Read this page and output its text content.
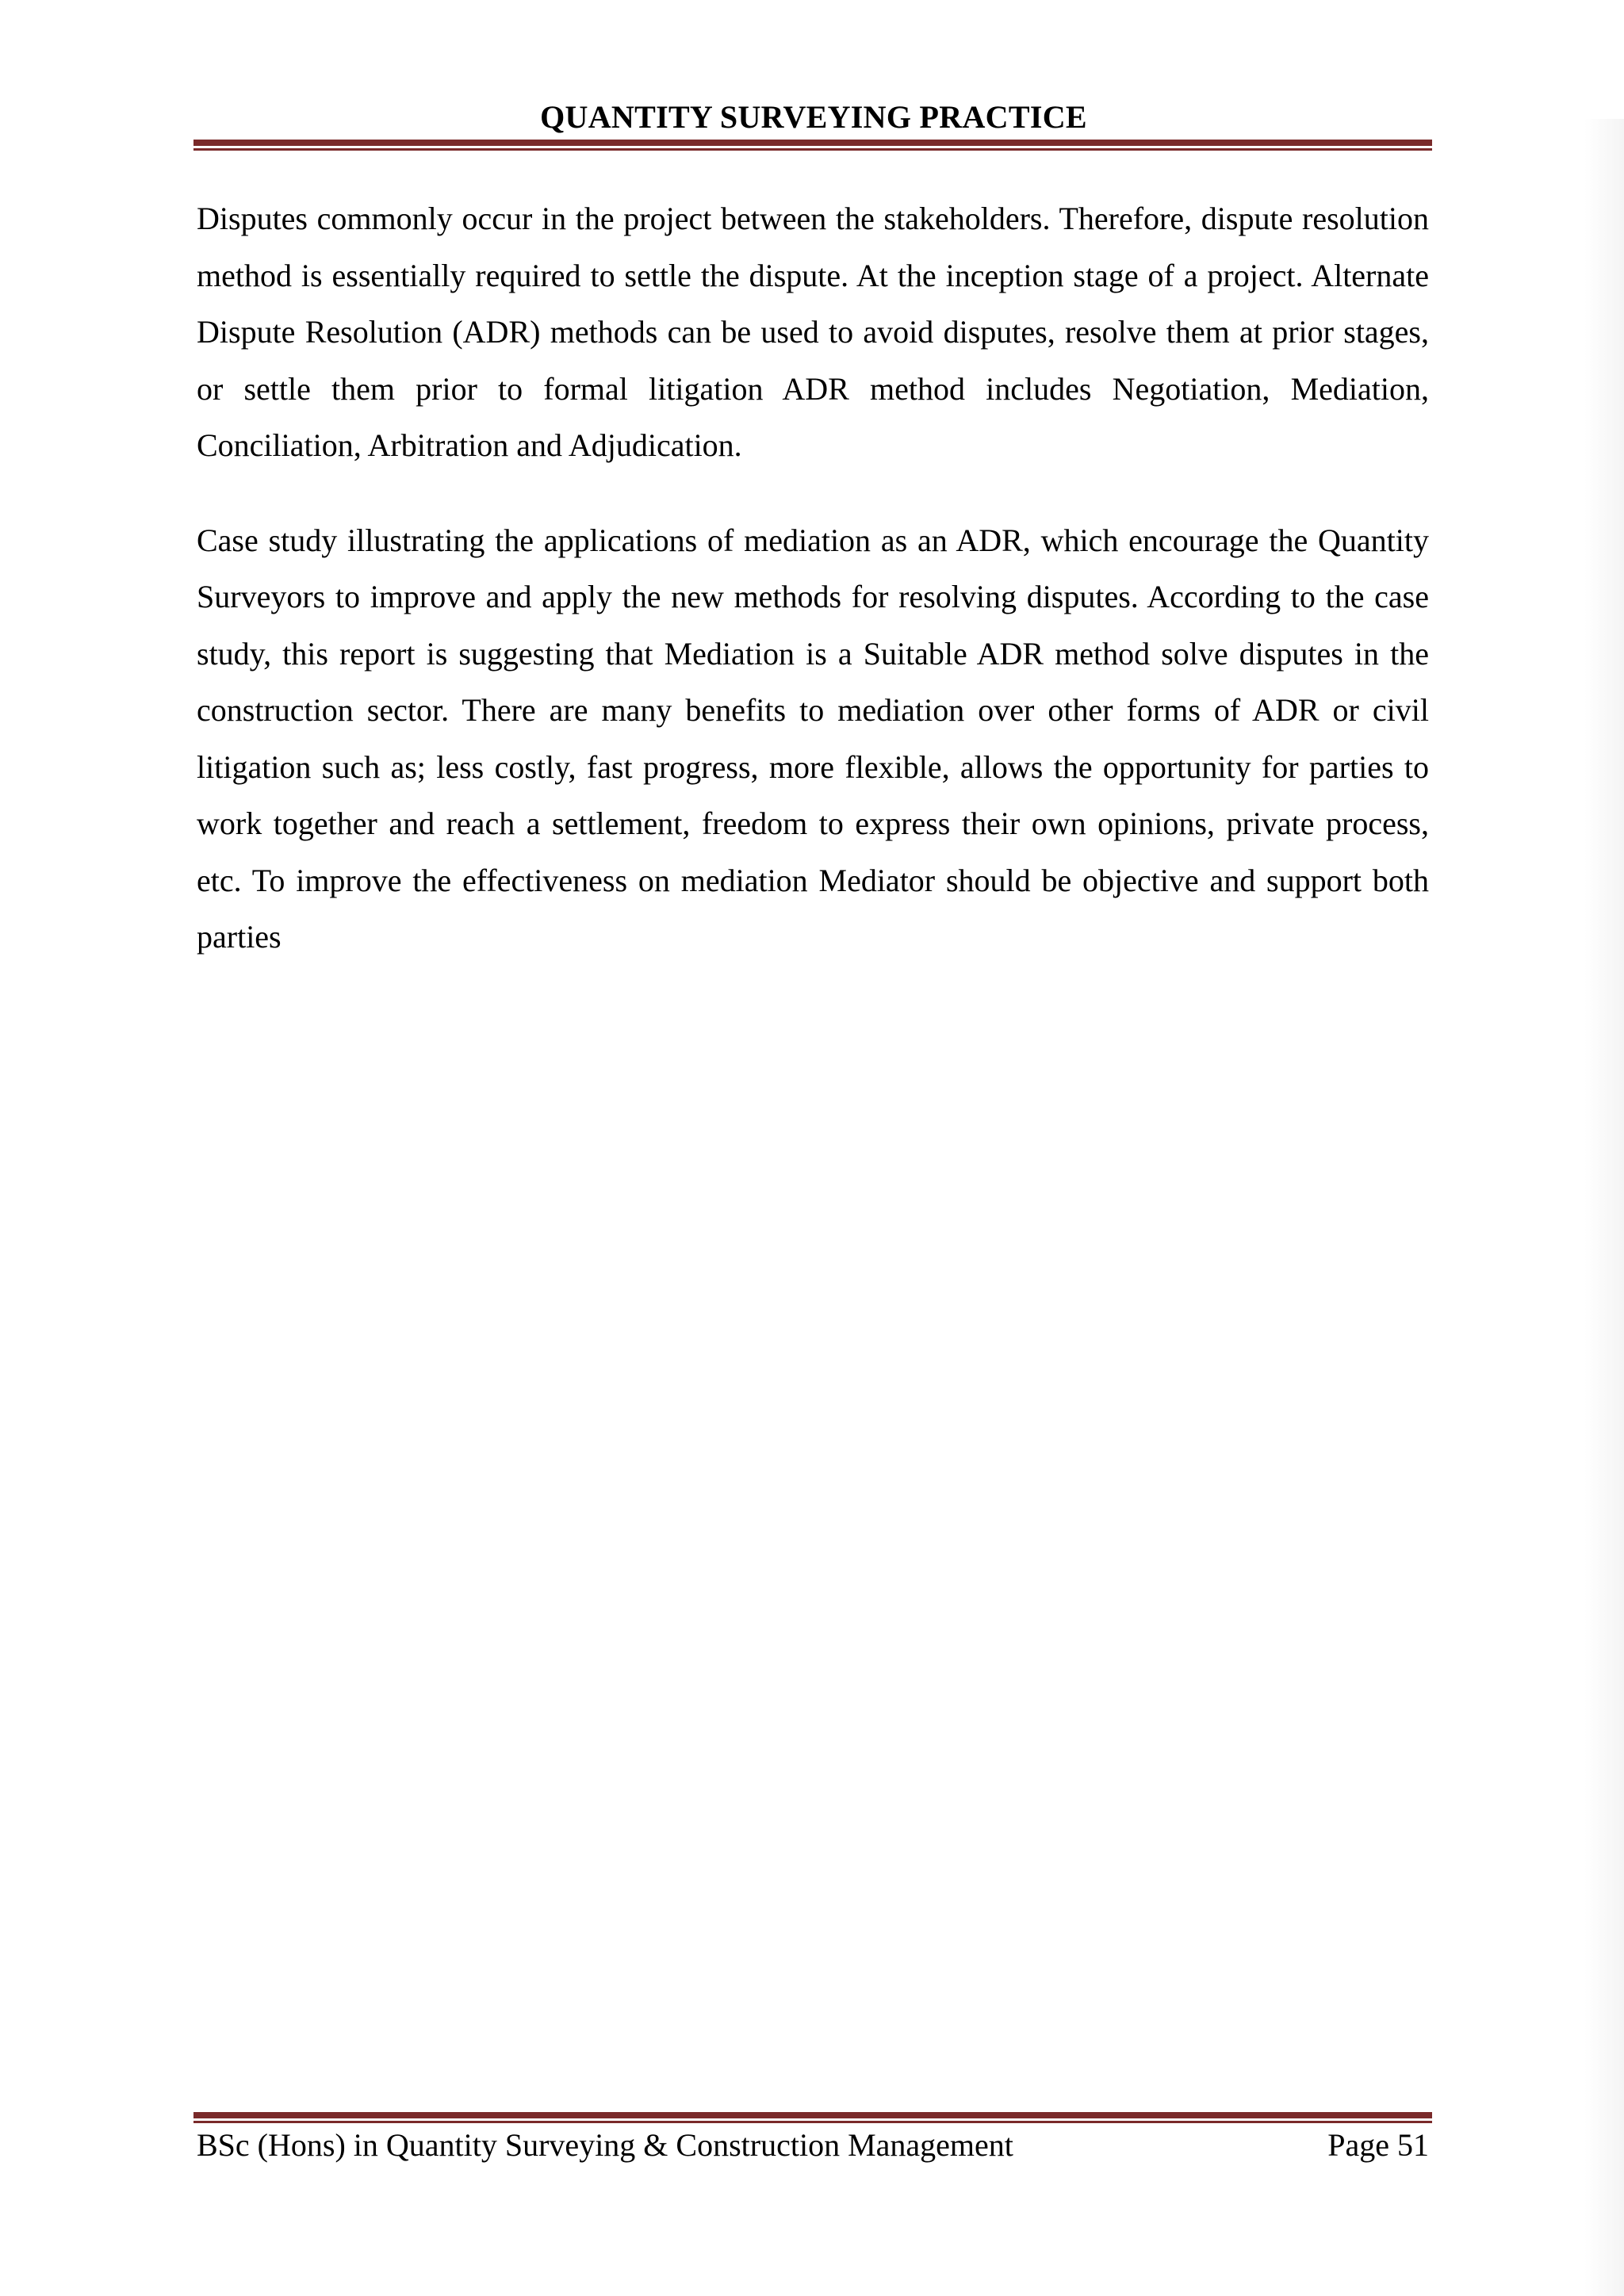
QUANTITY SURVEYING PRACTICE

Disputes commonly occur in the project between the stakeholders. Therefore, dispute resolution method is essentially required to settle the dispute. At the inception stage of a project. Alternate Dispute Resolution (ADR) methods can be used to avoid disputes, resolve them at prior stages, or settle them prior to formal litigation ADR method includes Negotiation, Mediation, Conciliation, Arbitration and Adjudication.

Case study illustrating the applications of mediation as an ADR, which encourage the Quantity Surveyors to improve and apply the new methods for resolving disputes. According to the case study, this report is suggesting that Mediation is a Suitable ADR method solve disputes in the construction sector. There are many benefits to mediation over other forms of ADR or civil litigation such as; less costly, fast progress, more flexible, allows the opportunity for parties to work together and reach a settlement, freedom to express their own opinions, private process, etc. To improve the effectiveness on mediation Mediator should be objective and support both parties

BSc (Hons) in Quantity Surveying & Construction Management	Page 51
